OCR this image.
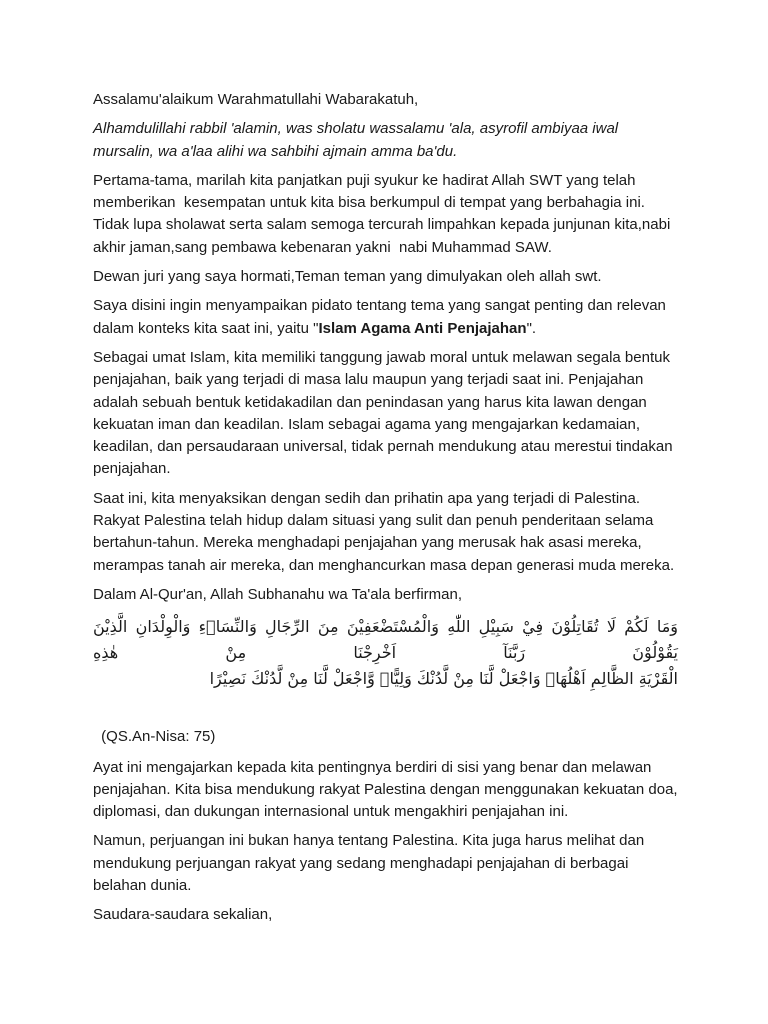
Assalamu'alaikum Warahmatullahi Wabarakatuh,

Alhamdulillahi rabbil 'alamin, was sholatu wassalamu 'ala, asyrofil ambiyaa iwal mursalin, wa a'laa alihi wa sahbihi ajmain amma ba'du.

Pertama-tama, marilah kita panjatkan puji syukur ke hadirat Allah SWT yang telah memberikan  kesempatan untuk kita bisa berkumpul di tempat yang berbahagia ini. Tidak lupa sholawat serta salam semoga tercurah limpahkan kepada junjunan kita,nabi akhir jaman,sang pembawa kebenaran yakni  nabi Muhammad SAW.

Dewan juri yang saya hormati,Teman teman yang dimulyakan oleh allah swt.

Saya disini ingin menyampaikan pidato tentang tema yang sangat penting dan relevan dalam konteks kita saat ini, yaitu "Islam Agama Anti Penjajahan".

Sebagai umat Islam, kita memiliki tanggung jawab moral untuk melawan segala bentuk penjajahan, baik yang terjadi di masa lalu maupun yang terjadi saat ini. Penjajahan adalah sebuah bentuk ketidakadilan dan penindasan yang harus kita lawan dengan kekuatan iman dan keadilan. Islam sebagai agama yang mengajarkan kedamaian, keadilan, dan persaudaraan universal, tidak pernah mendukung atau merestui tindakan penjajahan.

Saat ini, kita menyaksikan dengan sedih dan prihatin apa yang terjadi di Palestina. Rakyat Palestina telah hidup dalam situasi yang sulit dan penuh penderitaan selama bertahun-tahun. Mereka menghadapi penjajahan yang merusak hak asasi mereka, merampas tanah air mereka, dan menghancurkan masa depan generasi muda mereka.

Dalam Al-Qur'an, Allah Subhanahu wa Ta'ala berfirman,

وَمَا لَكُمْ لَا تُقَاتِلُوْنَ فِيْ سَبِيْلِ اللّٰهِ وَالْمُسْتَضْعَفِيْنَ مِنَ الرِّجَالِ وَالنِّسَاۤءِ وَالْوِلْدَانِ الَّذِيْنَ يَقُوْلُوْنَ رَبَّنَآ اَخْرِجْنَا مِنْ هٰذِهِ
الْقَرْيَةِ الظَّالِمِ اَهْلُهَاۚ وَاجْعَلْ لَّنَا مِنْ لَّدُنْكَ وَلِيًّاۙ وَّاجْعَلْ لَّنَا مِنْ لَّدُنْكَ نَصِيْرًا

(QS.An-Nisa: 75)

Ayat ini mengajarkan kepada kita pentingnya berdiri di sisi yang benar dan melawan penjajahan. Kita bisa mendukung rakyat Palestina dengan menggunakan kekuatan doa, diplomasi, dan dukungan internasional untuk mengakhiri penjajahan ini.

Namun, perjuangan ini bukan hanya tentang Palestina. Kita juga harus melihat dan mendukung perjuangan rakyat yang sedang menghadapi penjajahan di berbagai belahan dunia.

Saudara-saudara sekalian,
